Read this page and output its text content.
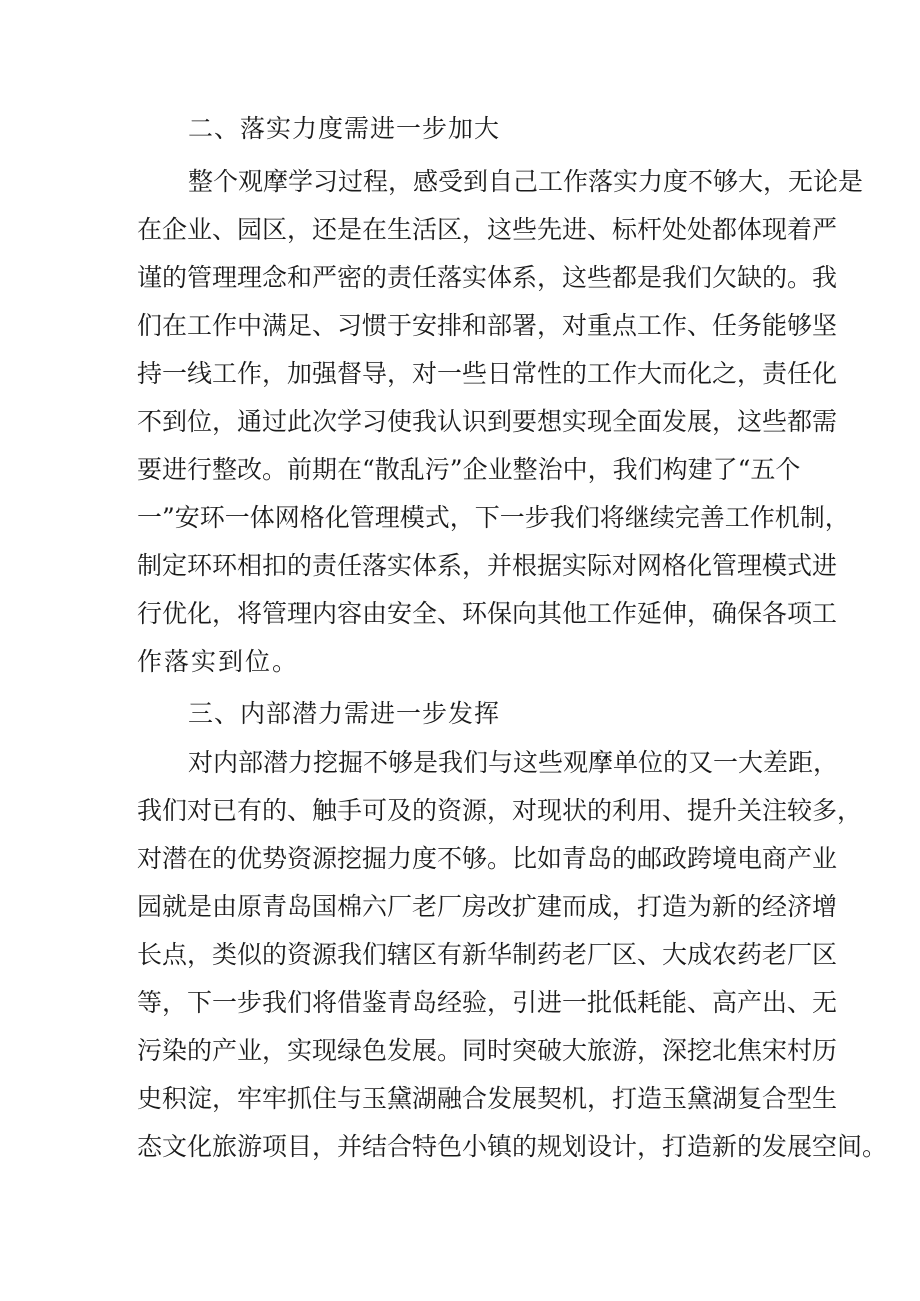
二、落实力度需进一步加大
整个观摩学习过程，感受到自己工作落实力度不够大，无论是
在企业、园区，还是在生活区，这些先进、标杆处处都体现着严
谨的管理理念和严密的责任落实体系，这些都是我们欠缺的。我
们在工作中满足、习惯于安排和部署，对重点工作、任务能够坚
持一线工作，加强督导，对一些日常性的工作大而化之，责任化
不到位，通过此次学习使我认识到要想实现全面发展，这些都需
要进行整改。前期在“散乱污”企业整治中，我们构建了“五个
一”安环一体网格化管理模式，下一步我们将继续完善工作机制，
制定环环相扣的责任落实体系，并根据实际对网格化管理模式进
行优化，将管理内容由安全、环保向其他工作延伸，确保各项工
作落实到位。
三、内部潜力需进一步发挥
对内部潜力挖掘不够是我们与这些观摩单位的又一大差距，
我们对已有的、触手可及的资源，对现状的利用、提升关注较多，
对潜在的优势资源挖掘力度不够。比如青岛的邮政跨境电商产业
园就是由原青岛国棉六厂老厂房改扩建而成，打造为新的经济增
长点，类似的资源我们辖区有新华制药老厂区、大成农药老厂区
等，下一步我们将借鉴青岛经验，引进一批低耗能、高产出、无
污染的产业，实现绿色发展。同时突破大旅游，深挖北焦宋村历
史积淀，牢牢抓住与玉黛湖融合发展契机，打造玉黛湖复合型生
态文化旅游项目，并结合特色小镇的规划设计，打造新的发展空间。
